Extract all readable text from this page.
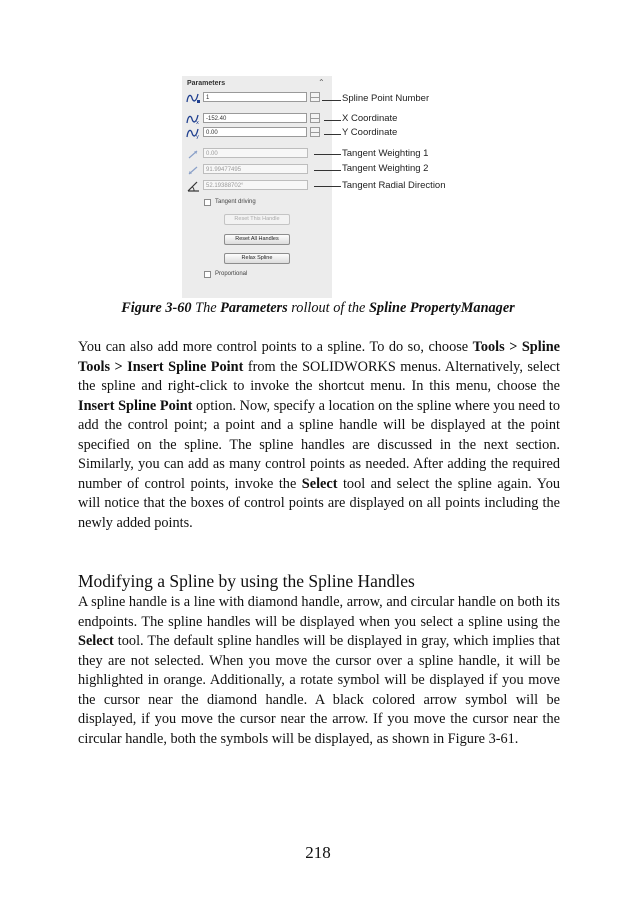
Parameters	⌃
1
x
-152.40
y
0.00
0.00
91.99477495
52.19388702°
Tangent driving
Reset This Handle
Reset All Handles
Relax Spline
Proportional
Spline Point Number
X Coordinate
Y Coordinate
Tangent Weighting 1
Tangent Weighting 2
Tangent Radial Direction
Figure 3-60 The Parameters rollout of the Spline PropertyManager

You can also add more control points to a spline. To do so, choose Tools > Spline Tools > Insert Spline Point from the SOLIDWORKS menus. Alternatively, select the spline and right-click to invoke the shortcut menu. In this menu, choose the Insert Spline Point option. Now, specify a location on the spline where you need to add the control point; a point and a spline handle will be displayed at the point specified on the spline. The spline handles are discussed in the next section. Similarly, you can add as many control points as needed. After adding the required number of control points, invoke the Select tool and select the spline again. You will notice that the boxes of control points are displayed on all points including the newly added points.

Modifying a Spline by using the Spline Handles

A spline handle is a line with diamond handle, arrow, and circular handle on both its endpoints. The spline handles will be displayed when you select a spline using the Select tool. The default spline handles will be displayed in gray, which implies that they are not selected. When you move the cursor over a spline handle, it will be highlighted in orange. Additionally, a rotate symbol will be displayed if you move the cursor near the diamond handle. A black colored arrow symbol will be displayed, if you move the cursor near the arrow. If you move the cursor near the circular handle, both the symbols will be displayed, as shown in Figure 3-61.

218
